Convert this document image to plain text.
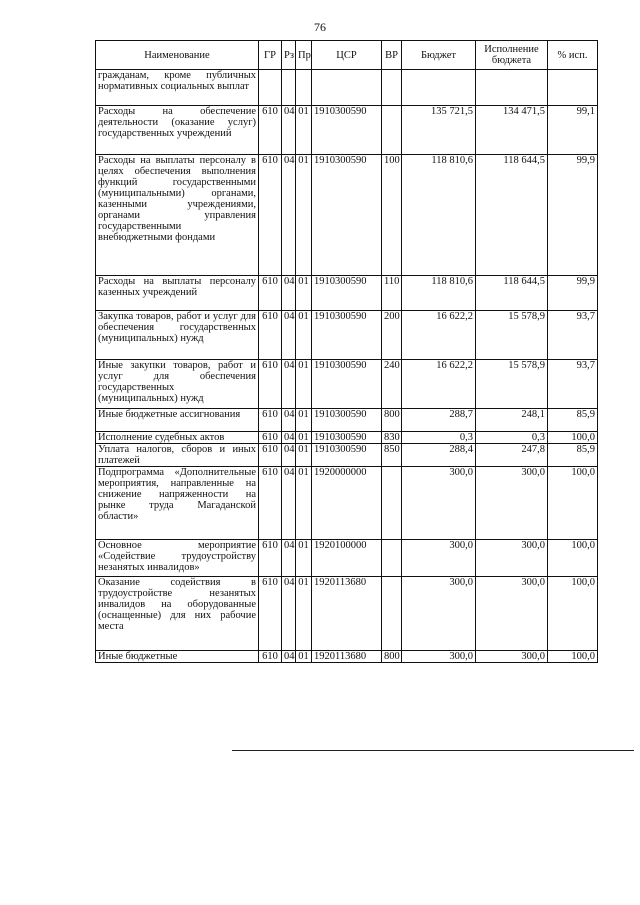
76
Наименование	ГР	Рз	Пр	ЦСР	ВР	Бюджет	Исполнение бюджета	% исп.
гражданам, кроме публичных нормативных социальных выплат								
Расходы на обеспечение деятельности (оказание услуг) государственных учреждений	610	04	01	1910300590		135 721,5	134 471,5	99,1
Расходы на выплаты персоналу в целях обеспечения выполнения функций государственными (муниципальными) органами, казенными учреждениями, органами управления государственными внебюджетными фондами	610	04	01	1910300590	100	118 810,6	118 644,5	99,9
Расходы на выплаты персоналу казенных учреждений	610	04	01	1910300590	110	118 810,6	118 644,5	99,9
Закупка товаров, работ и услуг для обеспечения государственных (муниципальных) нужд	610	04	01	1910300590	200	16 622,2	15 578,9	93,7
Иные закупки товаров, работ и услуг для обеспечения государственных (муниципальных) нужд	610	04	01	1910300590	240	16 622,2	15 578,9	93,7
Иные бюджетные ассигнования	610	04	01	1910300590	800	288,7	248,1	85,9
Исполнение судебных актов	610	04	01	1910300590	830	0,3	0,3	100,0
Уплата налогов, сборов и иных платежей	610	04	01	1910300590	850	288,4	247,8	85,9
Подпрограмма «Дополнительные мероприятия, направленные на снижение напряженности на рынке труда Магаданской области»	610	04	01	1920000000		300,0	300,0	100,0
Основное мероприятие «Содействие трудоустройству незанятых инвалидов»	610	04	01	1920100000		300,0	300,0	100,0
Оказание содействия в трудоустройстве незанятых инвалидов на оборудованные (оснащенные) для них рабочие места	610	04	01	1920113680		300,0	300,0	100,0
Иные бюджетные	610	04	01	1920113680	800	300,0	300,0	100,0
